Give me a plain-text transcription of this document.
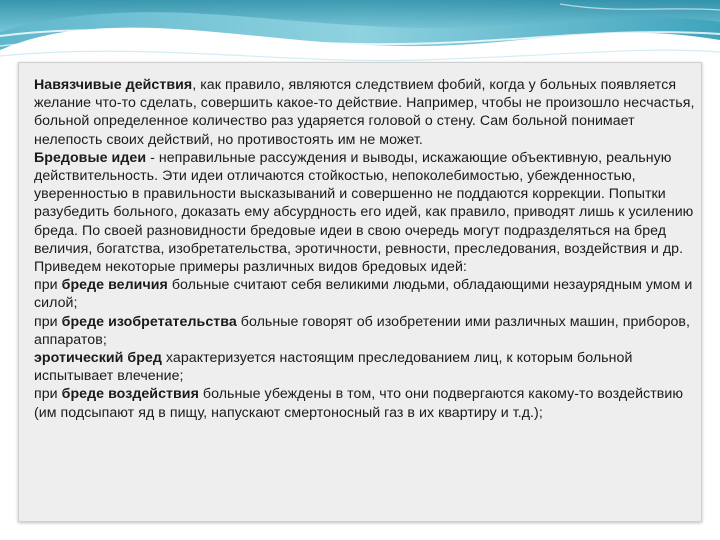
Навязчивые действия, как правило, являются следствием фобий, когда у больных появляется желание что-то сделать, совершить какое-то действие. Например, чтобы не произошло несчастья, больной определенное количество раз ударяется головой о стену. Сам больной понимает нелепость своих действий, но противостоять им не может.

Бредовые идеи - неправильные рассуждения и выводы, искажающие объективную, реальную действительность. Эти идеи отличаются стойкостью, непоколебимостью, убежденностью, уверенностью в правильности высказываний и совершенно не поддаются коррекции. Попытки разубедить больного, доказать ему абсурдность его идей, как правило, приводят лишь к усилению бреда. По своей разновидности бредовые идеи в свою очередь могут подразделяться на бред величия, богатства, изобретательства, эротичности, ревности, преследования, воздействия и др.

Приведем некоторые примеры различных видов бредовых идей:

при бреде величия больные считают себя великими людьми, обладающими незаурядным умом и силой;

при бреде изобретательства больные говорят об изобретении ими различных машин, приборов, аппаратов;

эротический бред характеризуется настоящим преследованием лиц, к которым больной испытывает влечение;

при бреде воздействия больные убеждены в том, что они подвергаются какому-то воздействию (им подсыпают яд в пищу, напускают смертоносный газ в их квартиру и т.д.);
